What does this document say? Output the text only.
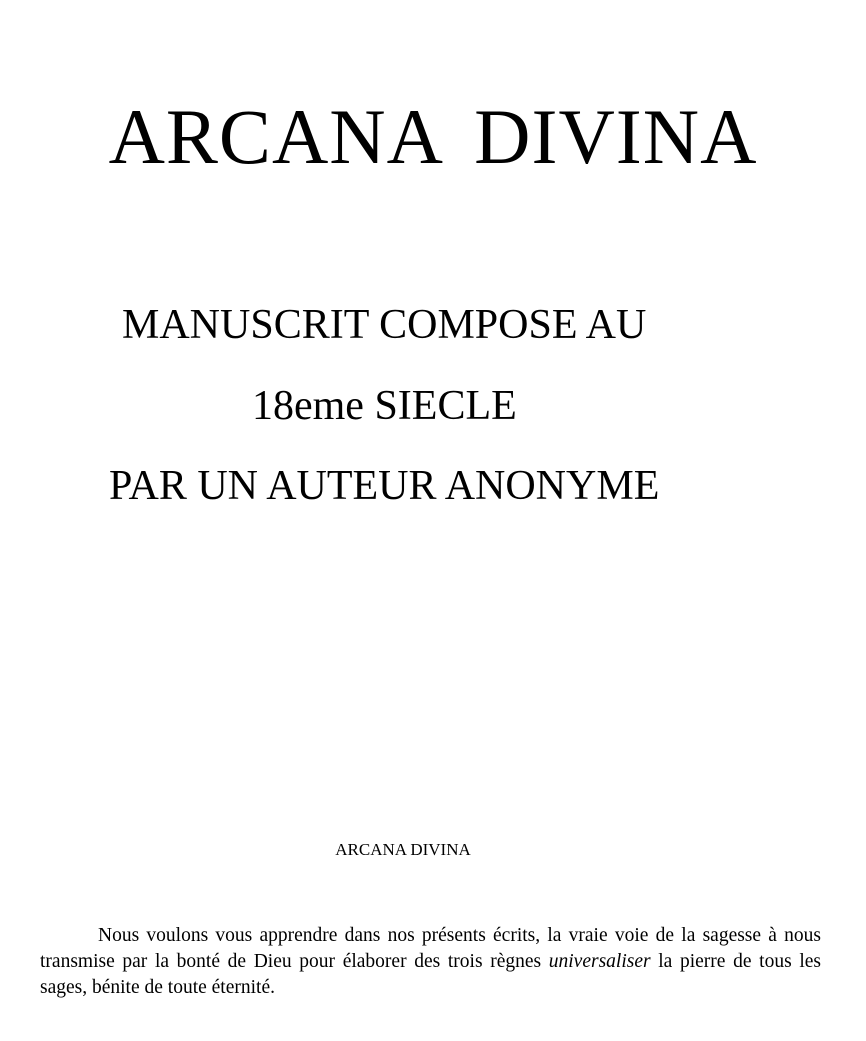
ARCANA DIVINA
MANUSCRIT COMPOSE AU
18eme SIECLE
PAR UN AUTEUR ANONYME
ARCANA DIVINA

Nous voulons vous apprendre dans nos présents écrits, la vraie voie de la sagesse à nous transmise par la bonté de Dieu pour élaborer des trois règnes universaliser la pierre de tous les sages, bénite de toute éternité.
